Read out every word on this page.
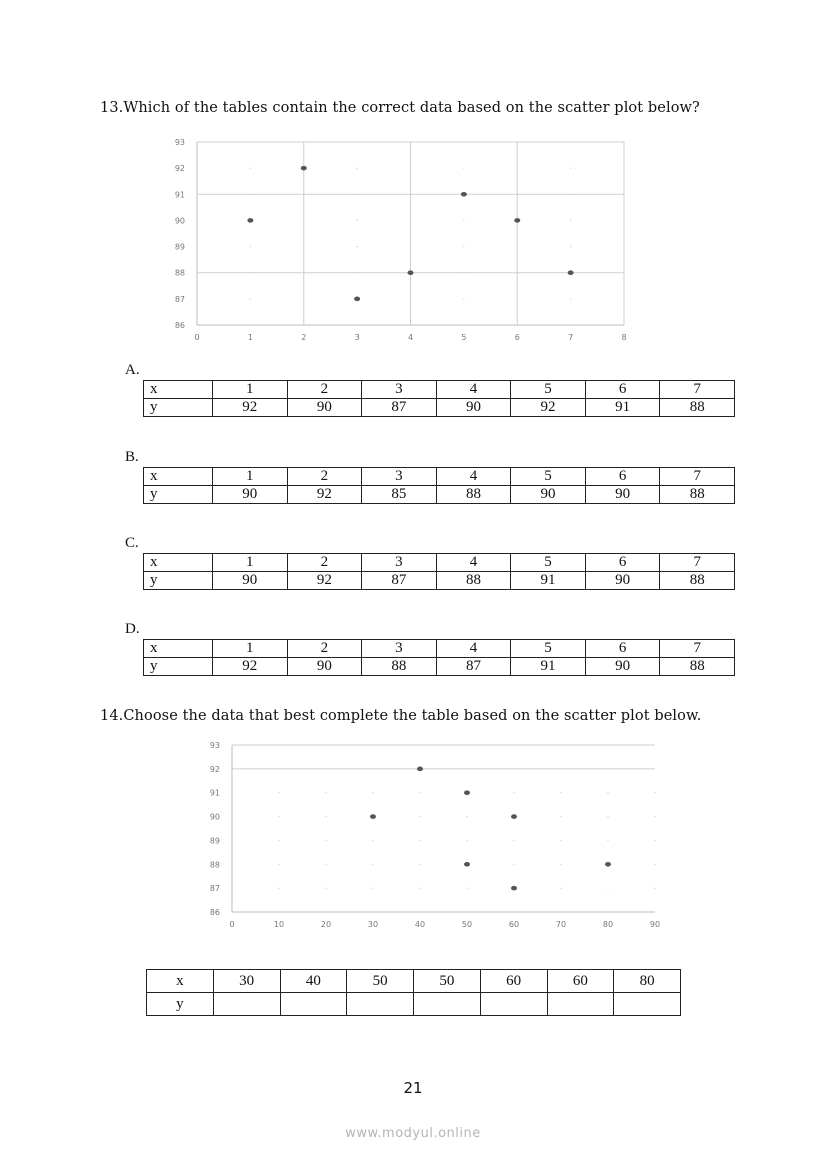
13.Which of the tables contain the correct data based on the scatter plot below?
93
92
91
90
89
88
87
86
0	1	2	3	4	5	6	7	8
A.
x	1	2	3	4	5	6	7
y	92	90	87	90	92	91	88
B.
x	1	2	3	4	5	6	7
y	90	92	85	88	90	90	88
C.
x	1	2	3	4	5	6	7
y	90	92	87	88	91	90	88
D.
x	1	2	3	4	5	6	7
y	92	90	88	87	91	90	88
14.Choose the data that best complete the table based on the scatter plot below.
93
92
91
90
89
88
87
86
0	10	20	30	40	50	60	70	80	90
x	30	40	50	50	60	60	80
y							
21
www.modyul.online
